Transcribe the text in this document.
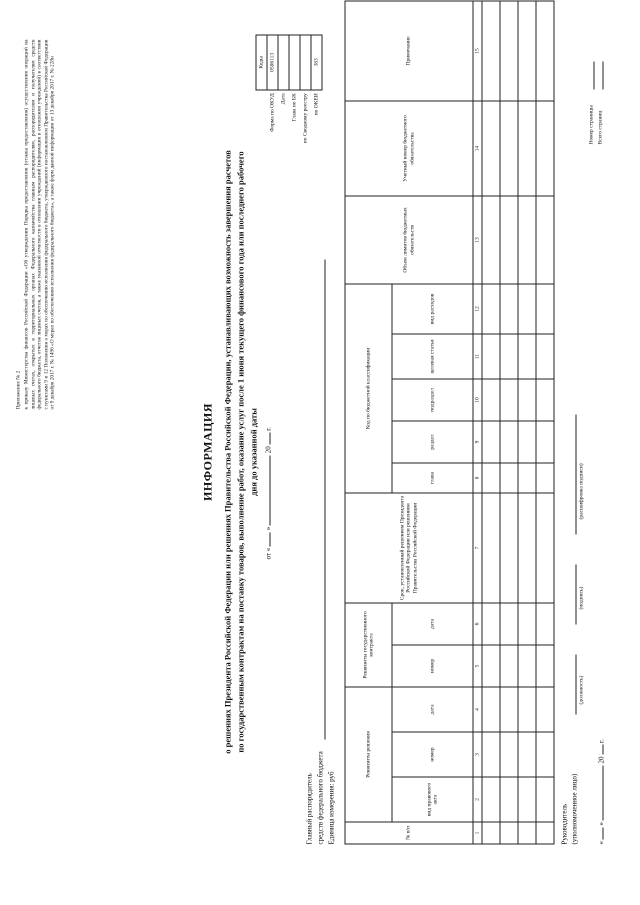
Приложение № 2 к приказу Министерства финансов Российской Федерации «Об утверждении Порядка предоставления (отзыва предоставления) осуществления операций на лицевых счетах, открытых в территориальных органах Федерального казначейства главным распорядителям, распорядителям и получателям средств федерального бюджета, отчетов лицевых счетов, а также указанной отчетности в отношении учреждений (информации в отношении учреждений) в соответствии с пунктами 9 и 12 Положения о мерах по обеспечению исполнения федерального бюджета, утвержденного постановлением Правительства Российской Федерации от 9 декабря 2017 г. № 1496 «О мерах по обеспечению исполнения федерального бюджета», а также форм данной информации от 13 декабря 2017 г. № 228н
ИНФОРМАЦИЯ о решениях Президента Российской Федерации или решениях Правительства Российской Федерации, устанавливающих возможность завершения расчетов по государственным контрактам на поставку товаров, выполнение работ, оказание услуг после 1 июня текущего финансового года или последнего рабочего дня до указанной даты
от «  »  20  г.
	Коды
Форма по ОКУД	0506113
Дата	
Глава по БК	
по Сводному реестру	
по ОКЕИ	383
Главный распорядитель средств федерального бюджета Единица измерения: руб	№ п/п	Реквизиты решения			Реквизиты государственного контракта		Срок, установленный решением Президента Российской Федерации или решением Правительства Российской Федерации	Код по бюджетной классификации					Объем лимитов бюджетных обязательств	Учетный номер бюджетного обязательства	Примечание
	вид правового акта	номер	дата	номер	дата		глава	раздел	подраздел	целевая статья	вид расходов			
1	2	3	4	5	6	7	8	9	10	11	12	13	14	15

Руководитель (уполномоченное лицо)
(должность)
(подпись)
(расшифровка подписи)
«  »  20  г.
Номер страницы Всего страниц
